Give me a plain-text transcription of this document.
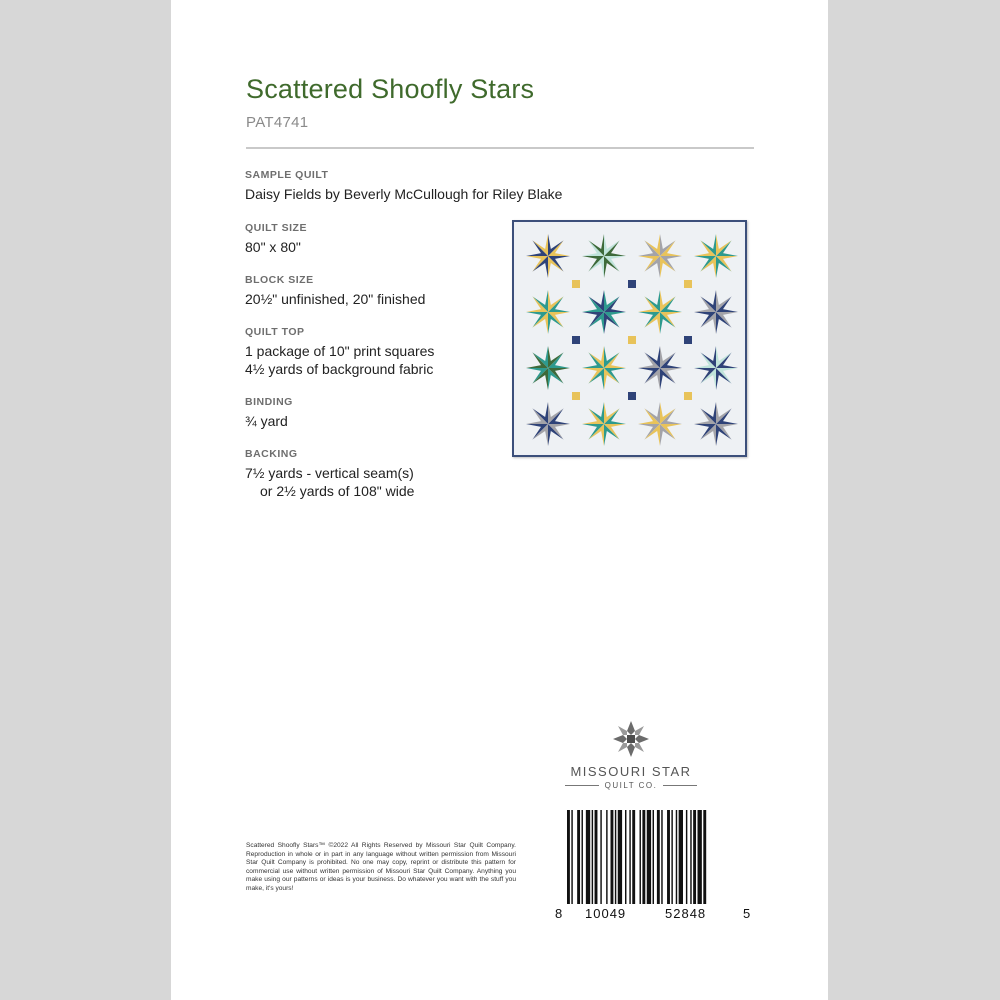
Scattered Shoofly Stars
PAT4741
SAMPLE QUILT
Daisy Fields by Beverly McCullough for Riley Blake
QUILT SIZE
80" x 80"
BLOCK SIZE
20½" unfinished, 20" finished
QUILT TOP
1 package of 10" print squares
4½ yards of background fabric
BINDING
¾ yard
BACKING
7½ yards - vertical seam(s)
or 2½ yards of 108" wide
MISSOURI STAR
QUILT CO.
Scattered Shoofly Stars™ ©2022 All Rights Reserved by Missouri Star Quilt Company. Reproduction in whole or in part in any language without written permission from Missouri Star Quilt Company is prohibited. No one may copy, reprint or distribute this pattern for commercial use without written permission of Missouri Star Quilt Company. Anything you make using our patterns or ideas is your business. Do whatever you want with the stuff you make, it's yours!
8 10049	52848	5
